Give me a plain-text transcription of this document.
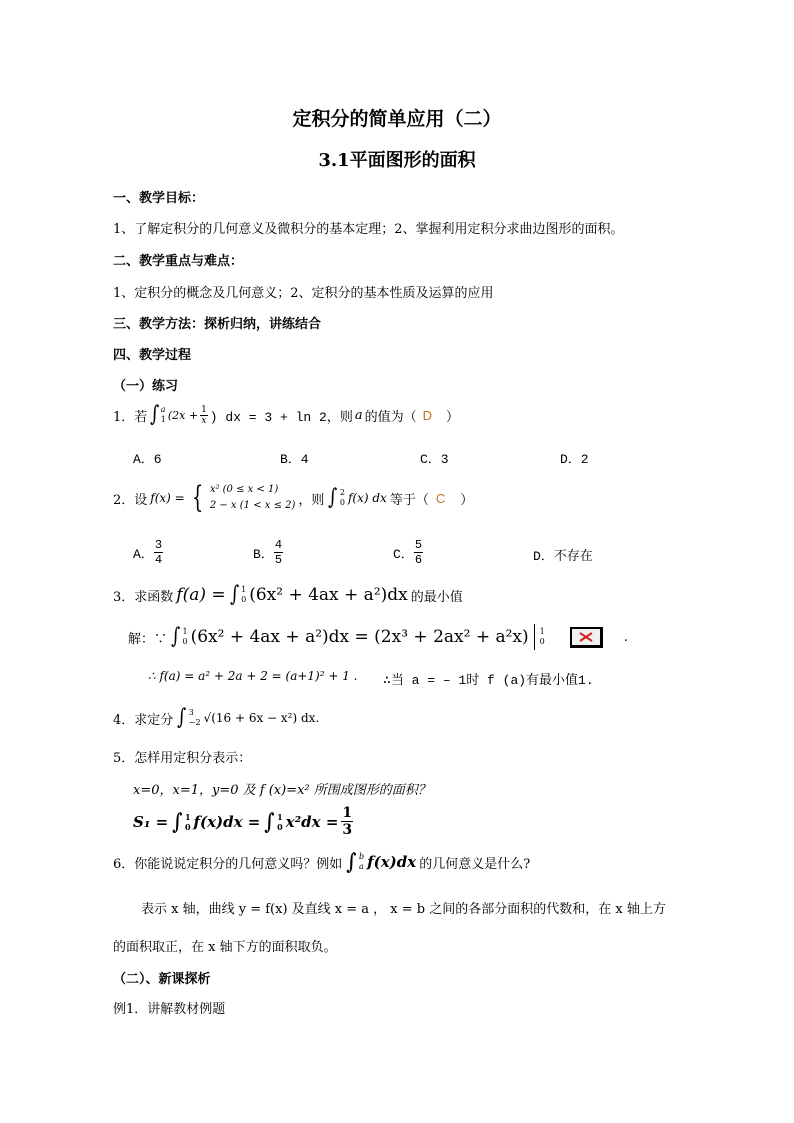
定积分的简单应用（二）
3.1平面图形的面积
一、教学目标：
1、了解定积分的几何意义及微积分的基本定理；2、掌握利用定积分求曲边图形的面积。
二、教学重点与难点：
1、定积分的概念及几何意义；2、定积分的基本性质及运算的应用
三、教学方法：探析归纳，讲练结合
四、教学过程
（一）练习
1．若 ∫ a
1 ($2x + \frac{1}{x}$ ) dx = 3 + ln 2，则 a 的值为（ D ）
A．6	B．4	C．3	D．2
2．设 f(x) = { x² (0 ≤ x < 1)
2 − x (1 < x ≤ 2) ，则 ∫ 2
0 f(x) dx 等于（ C ）
A． $\frac{3}{4}$	B． $\frac{4}{5}$	C． $\frac{5}{6}$	D．不存在
3．求函数 f(a) = ∫ 1
0 (6x² + 4ax + a²)dx 的最小值
解：∵ ∫ 1
0 (6x² + 4ax + a²)dx = (2x³ + 2ax² + a²x) 1
0	.
∴ f(a) = a² + 2a + 2 = (a+1)² + 1 . ∴当 a = – 1时 f (a)有最小值1.
4．求定分 ∫ 3
−2 √(16 + 6x − x²) dx.
5．怎样用定积分表示：
x=0，x=1，y=0 及 f (x)=x² 所围成图形的面积？
S₁ = ∫ 1
0 f(x)dx = ∫ 1
0 $x^2dx = \frac{1}{3}$
6．你能说说定积分的几何意义吗？例如 ∫ b
a f(x)dx 的几何意义是什么?
表示 x 轴，曲线 y = f(x) 及直线 x = a ， x = b 之间的各部分面积的代数和，在 x 轴上方
的面积取正，在 x 轴下方的面积取负。
（二）、新课探析
例1．讲解教材例题
